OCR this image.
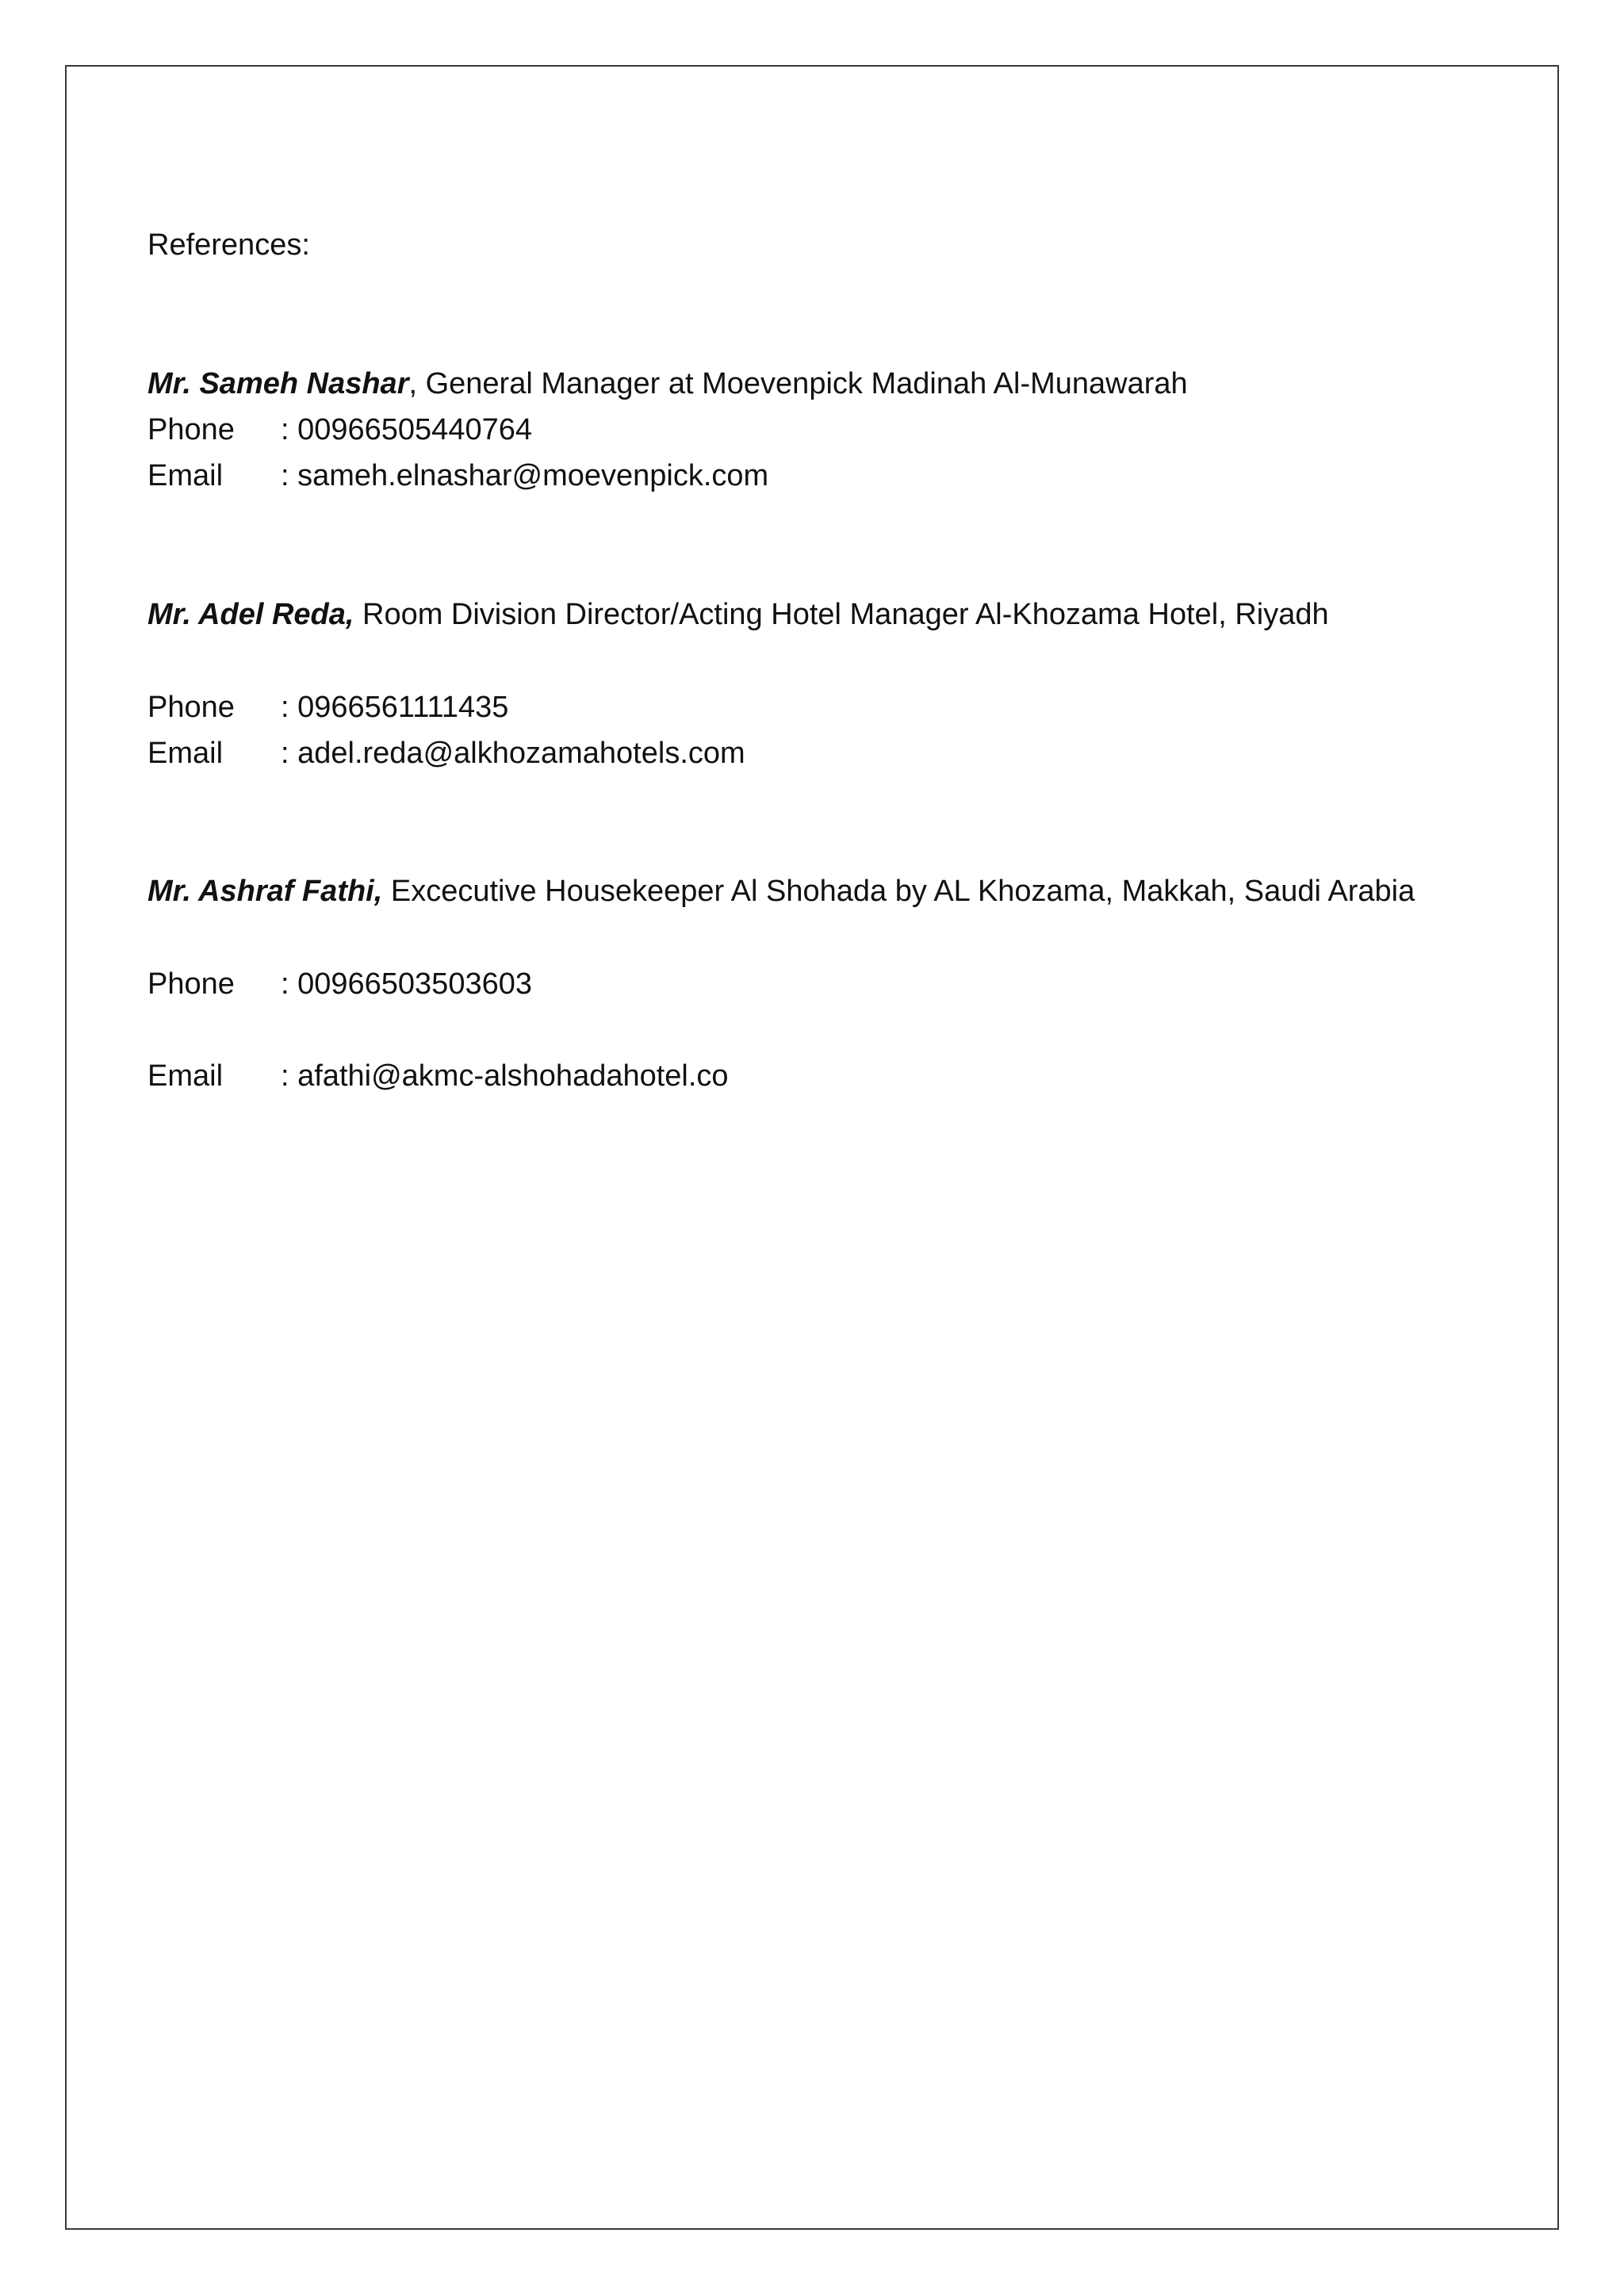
References:
Mr. Sameh Nashar, General Manager at Moevenpick Madinah Al-Munawarah
Phone : 00966505440764
Email : sameh.elnashar@moevenpick.com
Mr. Adel Reda, Room Division Director/Acting Hotel Manager Al-Khozama Hotel, Riyadh
Phone : 0966561111435
Email : adel.reda@alkhozamahotels.com
Mr. Ashraf Fathi, Excecutive Housekeeper Al Shohada by AL Khozama, Makkah, Saudi Arabia
Phone : 00966503503603
Email : afathi@akmc-alshohadahotel.co
